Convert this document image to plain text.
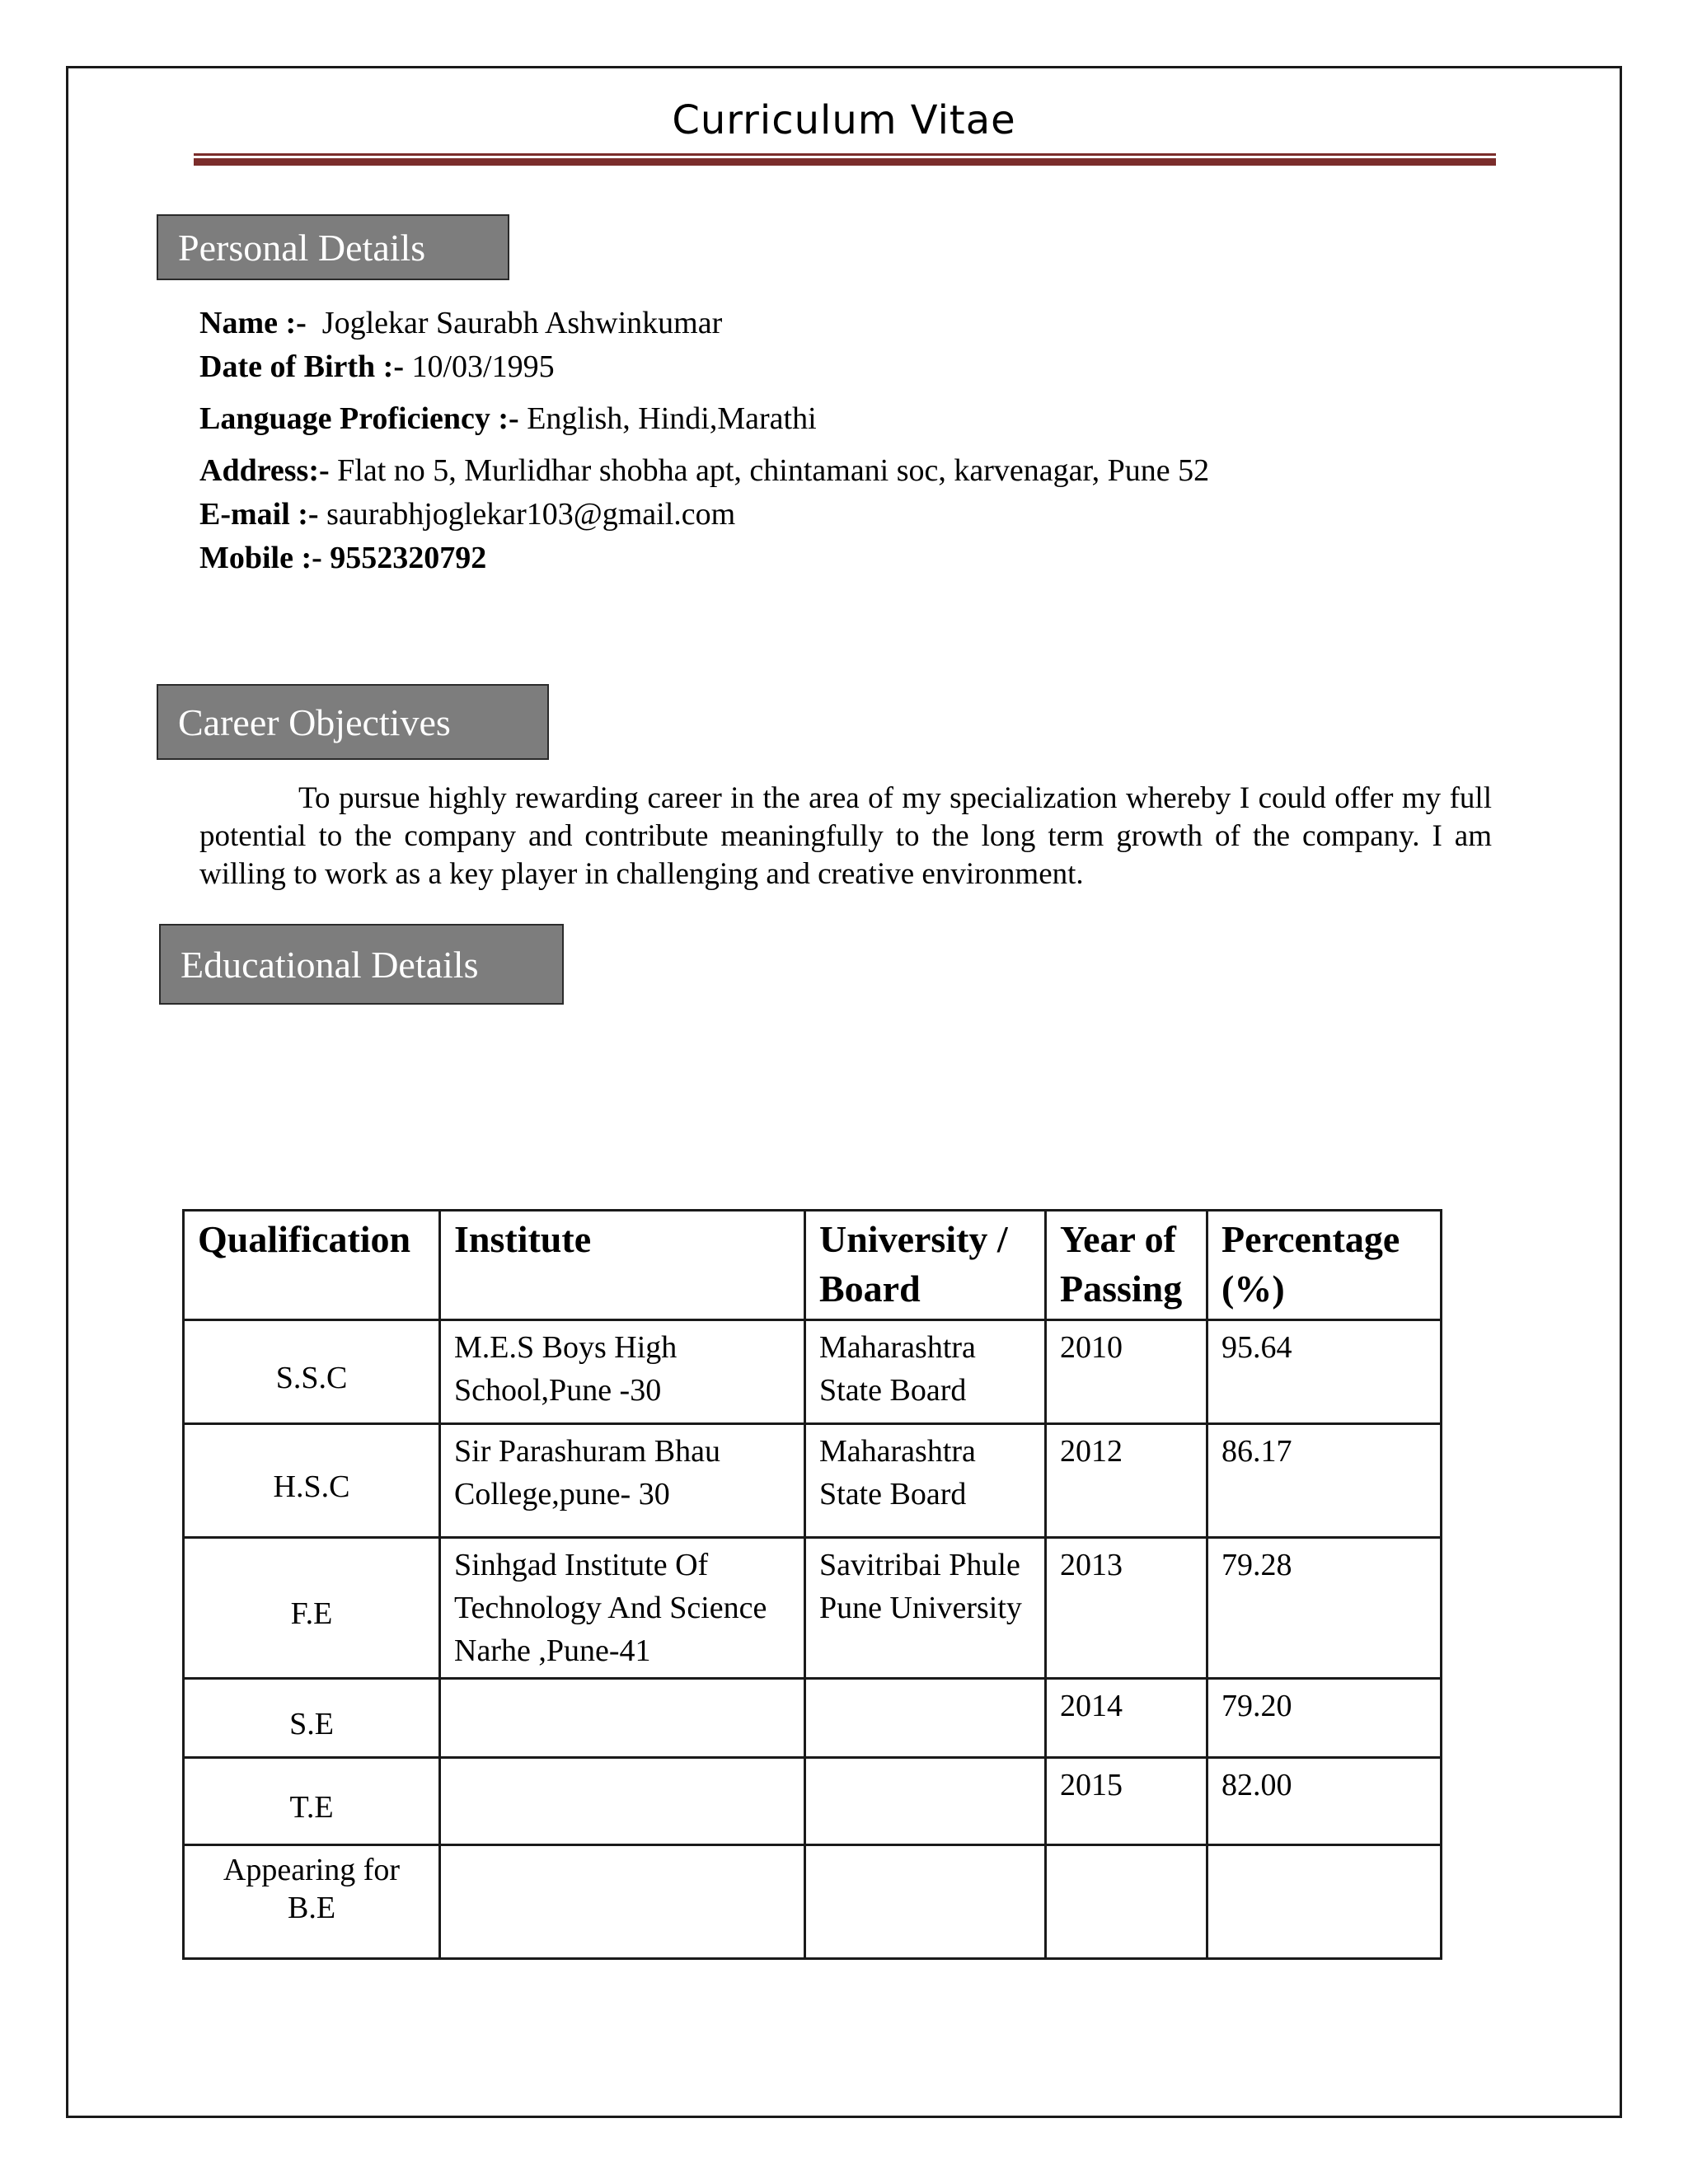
Curriculum Vitae
Personal Details
Name :- Joglekar Saurabh Ashwinkumar
Date of Birth :- 10/03/1995
Language Proficiency :- English, Hindi,Marathi
Address:- Flat no 5, Murlidhar shobha apt, chintamani soc, karvenagar, Pune 52
E-mail :- saurabhjoglekar103@gmail.com
Mobile :- 9552320792
Career Objectives
To pursue highly rewarding career in the area of my specialization whereby I could offer my full potential to the company and contribute meaningfully to the long term growth of the company. I am willing to work as a key player in challenging and creative environment.
Educational Details
Qualification	Institute	University / Board	Year of Passing	Percentage (%)
S.S.C	M.E.S Boys High School,Pune -30	Maharashtra State Board	2010	95.64
H.S.C	Sir Parashuram Bhau College,pune- 30	Maharashtra State Board	2012	86.17
F.E	Sinhgad Institute Of Technology And Science Narhe ,Pune-41	Savitribai Phule Pune University	2013	79.28
S.E			2014	79.20
T.E			2015	82.00
Appearing for B.E				
